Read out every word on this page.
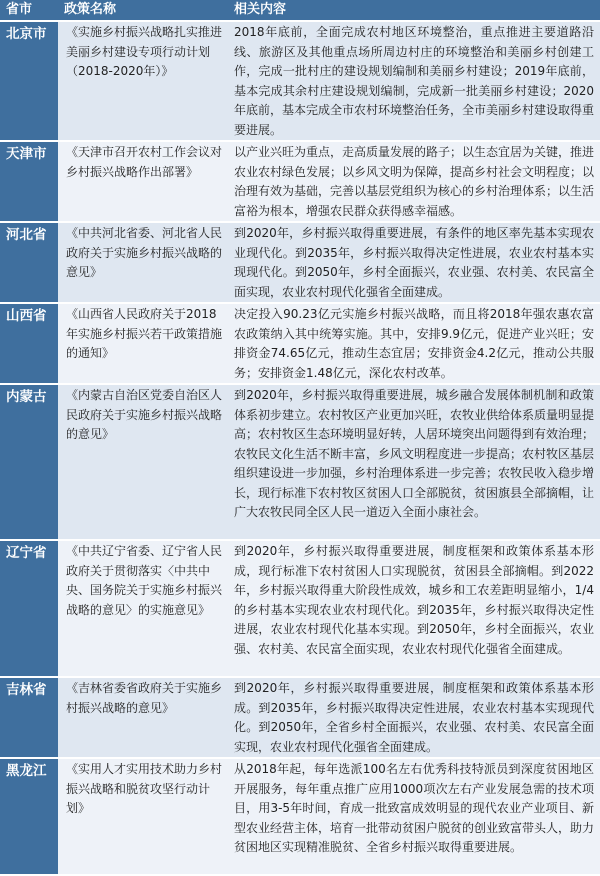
省市	政策名称	相关内容
北京市	《实施乡村振兴战略扎实推进美丽乡村建设专项行动计划（2018-2020年）》	2018年底前，全面完成农村地区环境整治，重点推进主要道路沿线、旅游区及其他重点场所周边村庄的环境整治和美丽乡村创建工作，完成一批村庄的建设规划编制和美丽乡村建设；2019年底前，基本完成其余村庄建设规划编制，完成新一批美丽乡村建设；2020年底前，基本完成全市农村环境整治任务，全市美丽乡村建设取得重要进展。
天津市	《天津市召开农村工作会议对乡村振兴战略作出部署》	以产业兴旺为重点，走高质量发展的路子；以生态宜居为关键，推进农业农村绿色发展；以乡风文明为保障，提高乡村社会文明程度；以治理有效为基础，完善以基层党组织为核心的乡村治理体系；以生活富裕为根本，增强农民群众获得感幸福感。
河北省	《中共河北省委、河北省人民政府关于实施乡村振兴战略的意见》	到2020年，乡村振兴取得重要进展，有条件的地区率先基本实现农业现代化。到2035年，乡村振兴取得决定性进展，农业农村基本实现现代化。到2050年，乡村全面振兴，农业强、农村美、农民富全面实现，农业农村现代化强省全面建成。
山西省	《山西省人民政府关于2018年实施乡村振兴若干政策措施的通知》	决定投入90.23亿元实施乡村振兴战略，而且将2018年强农惠农富农政策纳入其中统筹实施。其中，安排9.9亿元，促进产业兴旺；安排资金74.65亿元，推动生态宜居；安排资金4.2亿元，推动公共服务；安排资金1.48亿元，深化农村改革。
内蒙古	《内蒙古自治区党委自治区人民政府关于实施乡村振兴战略的意见》	到2020年，乡村振兴取得重要进展，城乡融合发展体制机制和政策体系初步建立。农村牧区产业更加兴旺，农牧业供给体系质量明显提高；农村牧区生态环境明显好转，人居环境突出问题得到有效治理；农牧民文化生活不断丰富，乡风文明程度进一步提高；农村牧区基层组织建设进一步加强，乡村治理体系进一步完善；农牧民收入稳步增长，现行标准下农村牧区贫困人口全部脱贫，贫困旗县全部摘帽，让广大农牧民同全区人民一道迈入全面小康社会。
辽宁省	《中共辽宁省委、辽宁省人民政府关于贯彻落实〈中共中央、国务院关于实施乡村振兴战略的意见〉的实施意见》	到2020年，乡村振兴取得重要进展，制度框架和政策体系基本形成，现行标准下农村贫困人口实现脱贫，贫困县全部摘帽。到2022年，乡村振兴取得重大阶段性成效，城乡和工农差距明显缩小，1/4的乡村基本实现农业农村现代化。到2035年，乡村振兴取得决定性进展，农业农村现代化基本实现。到2050年，乡村全面振兴，农业强、农村美、农民富全面实现，农业农村现代化强省全面建成。
吉林省	《吉林省委省政府关于实施乡村振兴战略的意见》	到2020年，乡村振兴取得重要进展，制度框架和政策体系基本形成。到2035年，乡村振兴取得决定性进展，农业农村基本实现现代化。到2050年，全省乡村全面振兴，农业强、农村美、农民富全面实现，农业农村现代化强省全面建成。
黑龙江	《实用人才实用技术助力乡村振兴战略和脱贫攻坚行动计划》	从2018年起，每年选派100名左右优秀科技特派员到深度贫困地区开展服务，每年重点推广应用1000项次左右产业发展急需的技术项目，用3-5年时间，育成一批致富成效明显的现代农业产业项目、新型农业经营主体，培育一批带动贫困户脱贫的创业致富带头人，助力贫困地区实现精准脱贫、全省乡村振兴取得重要进展。
